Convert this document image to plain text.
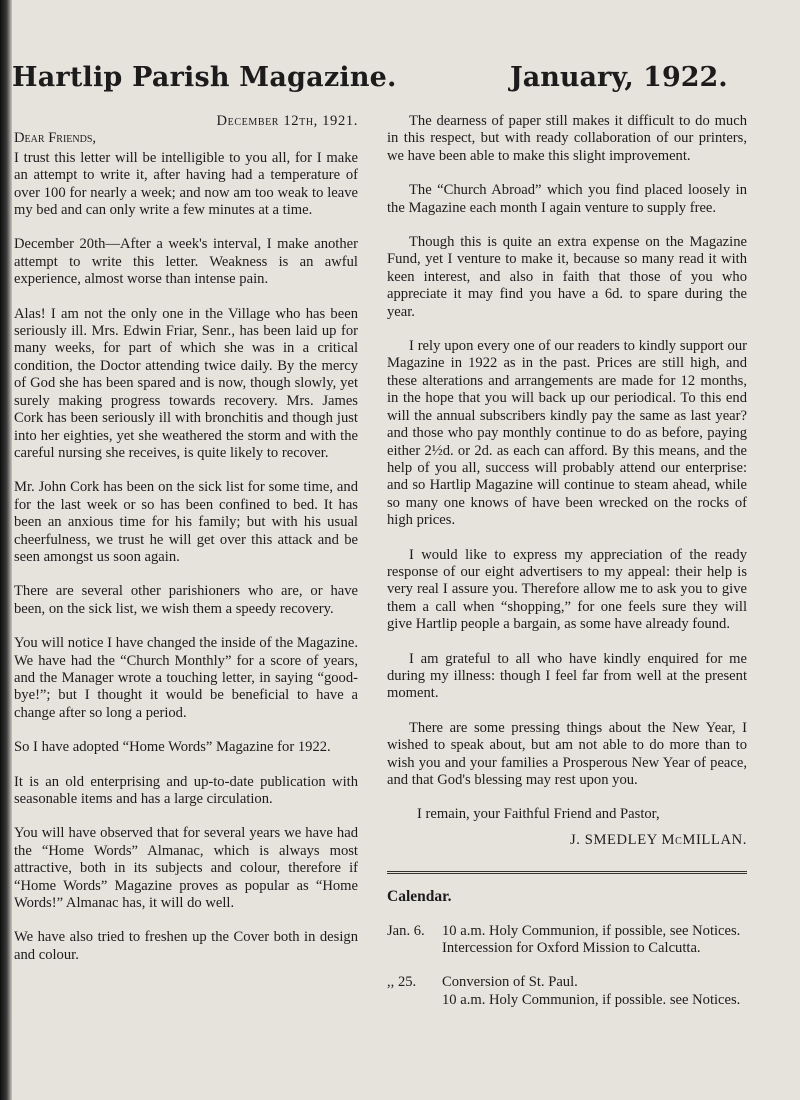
Hartlip Parish Magazine.	January, 1922.

December 12th, 1921.

Dear Friends,

I trust this letter will be intelligible to you all, for I make an attempt to write it, after having had a temperature of over 100 for nearly a week; and now am too weak to leave my bed and can only write a few minutes at a time.

December 20th—After a week's interval, I make another attempt to write this letter. Weakness is an awful experience, almost worse than intense pain.

Alas! I am not the only one in the Village who has been seriously ill. Mrs. Edwin Friar, Senr., has been laid up for many weeks, for part of which she was in a critical condition, the Doctor attending twice daily. By the mercy of God she has been spared and is now, though slowly, yet surely making progress towards recovery. Mrs. James Cork has been seriously ill with bronchitis and though just into her eighties, yet she weathered the storm and with the careful nursing she receives, is quite likely to recover.

Mr. John Cork has been on the sick list for some time, and for the last week or so has been confined to bed. It has been an anxious time for his family; but with his usual cheerfulness, we trust he will get over this attack and be seen amongst us soon again.

There are several other parishioners who are, or have been, on the sick list, we wish them a speedy recovery.

You will notice I have changed the inside of the Magazine. We have had the “Church Monthly” for a score of years, and the Manager wrote a touching letter, in saying “good-bye!”; but I thought it would be beneficial to have a change after so long a period.

So I have adopted “Home Words” Magazine for 1922.

It is an old enterprising and up-to-date publication with seasonable items and has a large circulation.

You will have observed that for several years we have had the “Home Words” Almanac, which is always most attractive, both in its subjects and colour, therefore if “Home Words” Magazine proves as popular as “Home Words!” Almanac has, it will do well.

We have also tried to freshen up the Cover both in design and colour.

The dearness of paper still makes it difficult to do much in this respect, but with ready collaboration of our printers, we have been able to make this slight improvement.

The “Church Abroad” which you find placed loosely in the Magazine each month I again venture to supply free.

Though this is quite an extra expense on the Magazine Fund, yet I venture to make it, because so many read it with keen interest, and also in faith that those of you who appreciate it may find you have a 6d. to spare during the year.

I rely upon every one of our readers to kindly support our Magazine in 1922 as in the past. Prices are still high, and these alterations and arrangements are made for 12 months, in the hope that you will back up our periodical. To this end will the annual subscribers kindly pay the same as last year? and those who pay monthly continue to do as before, paying either 2½d. or 2d. as each can afford. By this means, and the help of you all, success will probably attend our enterprise: and so Hartlip Magazine will continue to steam ahead, while so many one knows of have been wrecked on the rocks of high prices.

I would like to express my appreciation of the ready response of our eight advertisers to my appeal: their help is very real I assure you. Therefore allow me to ask you to give them a call when “shopping,” for one feels sure they will give Hartlip people a bargain, as some have already found.

I am grateful to all who have kindly enquired for me during my illness: though I feel far from well at the present moment.

There are some pressing things about the New Year, I wished to speak about, but am not able to do more than to wish you and your families a Prosperous New Year of peace, and that God's blessing may rest upon you.

I remain, your Faithful Friend and Pastor,

J. SMEDLEY McMILLAN.

Calendar.

Jan. 6.	10 a.m. Holy Communion, if possible, see Notices.
Intercession for Oxford Mission to Calcutta.

,, 25.	Conversion of St. Paul.
10 a.m. Holy Communion, if possible. see Notices.
